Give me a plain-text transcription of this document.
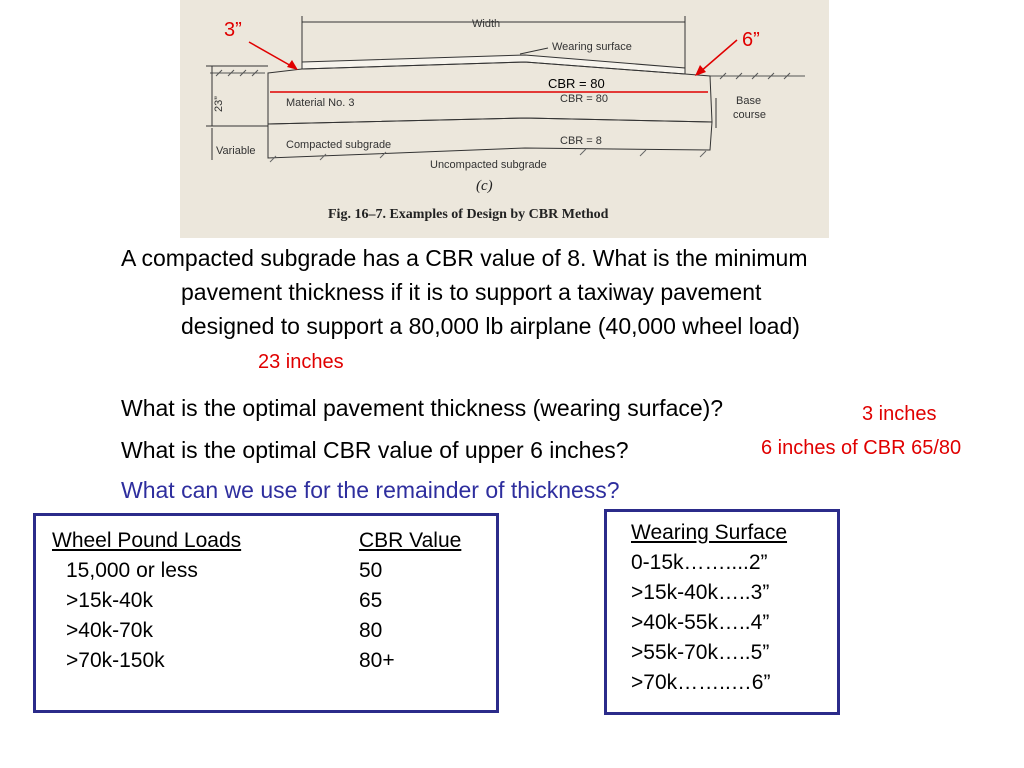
Width
Wearing surface
23”
Variable
Base
course
Material No. 3	CBR = 80
Compacted subgrade	CBR = 8
Uncompacted subgrade
(c)
Fig. 16–7. Examples of Design by CBR Method
3”	6”
CBR = 80
A compacted subgrade has a CBR value of 8. What is the minimum
pavement thickness if it is to support a taxiway pavement
designed to support a 80,000 lb airplane (40,000 wheel load)
23 inches
What is the optimal pavement thickness (wearing surface)?	3 inches
What is the optimal CBR value of upper 6 inches?	6 inches of CBR 65/80
What can we use for the remainder of thickness?
Wheel Pound Loads	CBR Value
15,000 or less	50
>15k-40k	65
>40k-70k	80
>70k-150k	80+
Wearing Surface
0-15k……....2”
>15k-40k…..3”
>40k-55k…..4”
>55k-70k…..5”
>70k……..…6”
